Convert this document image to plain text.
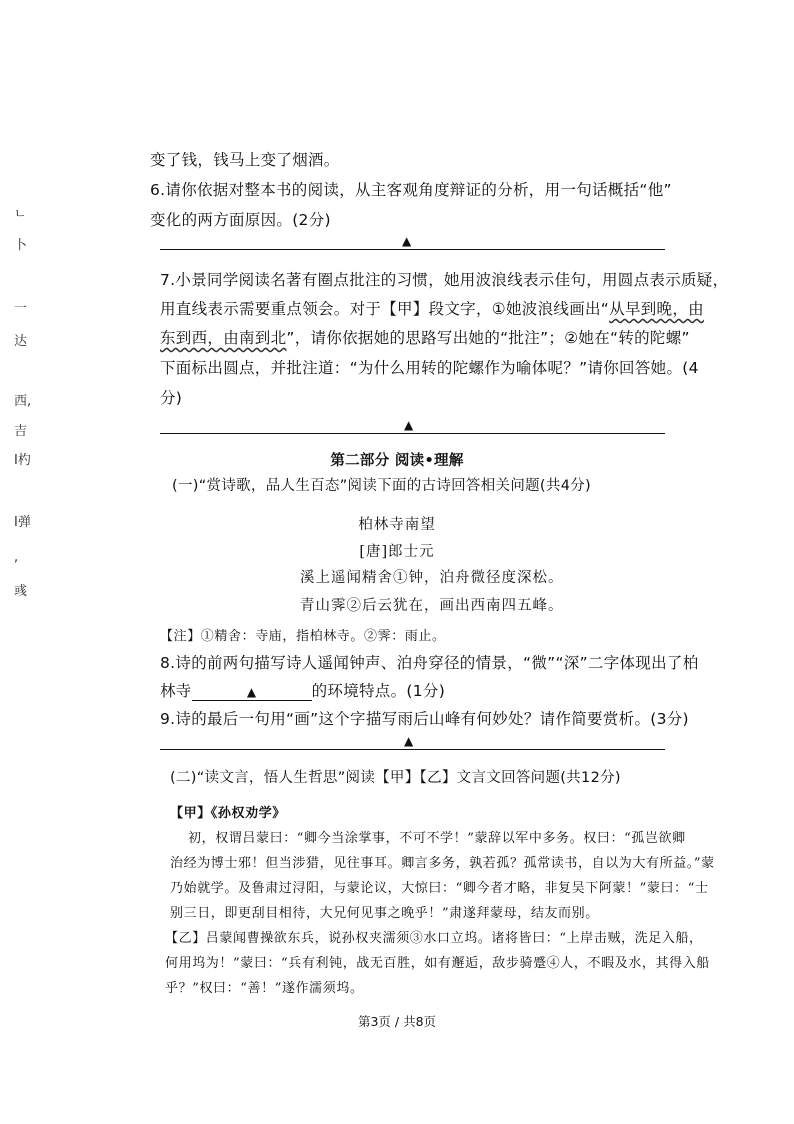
ㄴ
卜
一
达
西,
吉
I杓
I弹
,
彧
变了钱，钱马上变了烟酒。
6.请你依据对整本书的阅读，从主客观角度辩证的分析，用一句话概括“他”
变化的两方面原因。(2分)
▲
7.小景同学阅读名著有圈点批注的习惯，她用波浪线表示佳句，用圆点表示质疑，
用直线表示需要重点领会。对于【甲】段文字，①她波浪线画出“从早到晚，由
东到西，由南到北”，请你依据她的思路写出她的“批注”；②她在“转的陀螺”
下面标出圆点，并批注道：“为什么用转的陀螺作为喻体呢？”请你回答她。(4
分)
▲
第二部分 阅读•理解
(一)“赏诗歌，品人生百态”阅读下面的古诗回答相关问题(共4分)
柏林寺南望
[唐]郎士元
溪上遥闻精舍①钟，泊舟微径度深松。
青山霁②后云犹在，画出西南四五峰。
【注】①精舍：寺庙，指柏林寺。②霁：雨止。
8.诗的前两句描写诗人遥闻钟声、泊舟穿径的情景，“微”“深”二字体现出了柏
林寺	▲	的环境特点。(1分)
9.诗的最后一句用“画”这个字描写雨后山峰有何妙处？请作简要赏析。(3分)
▲
(二)“读文言，悟人生哲思”阅读【甲】【乙】文言文回答问题(共12分)
【甲】《孙权劝学》
初，权谓吕蒙曰：“卿今当涂掌事，不可不学！”蒙辞以军中多务。权曰：“孤岂欲卿
治经为博士邪！但当涉猎，见往事耳。卿言多务，孰若孤？孤常读书，自以为大有所益。”蒙
乃始就学。及鲁肃过浔阳，与蒙论议，大惊曰：“卿今者才略，非复吴下阿蒙！”蒙曰：“士
别三日，即更刮目相待，大兄何见事之晚乎！”肃遂拜蒙母，结友而别。
【乙】吕蒙闻曹操欲东兵，说孙权夹濡须③水口立坞。诸将皆曰：“上岸击贼，洗足入船，
何用坞为！”蒙曰：“兵有利钝，战无百胜，如有邂逅，敌步骑蹙④人，不暇及水，其得入船
乎？”权曰：“善！”遂作濡须坞。
第3页 / 共8页
